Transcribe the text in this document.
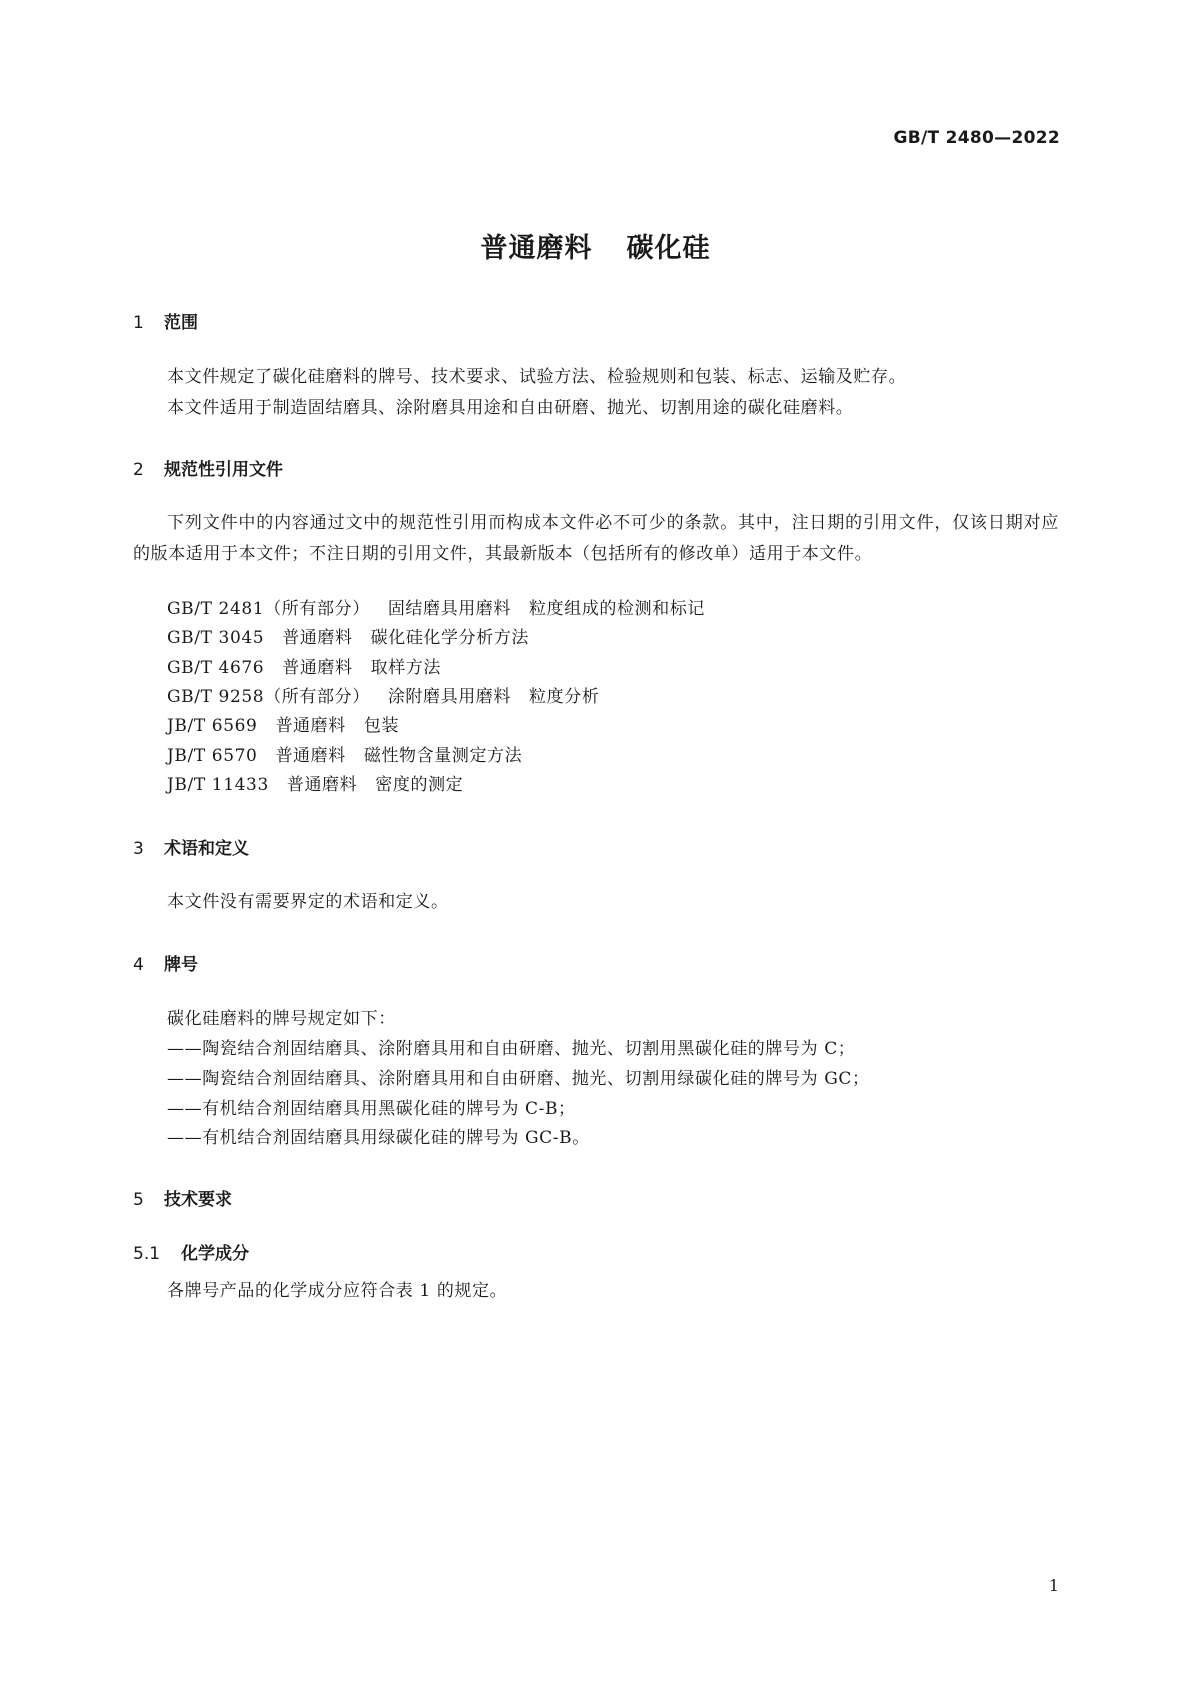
GB/T 2480—2022
普通磨料 碳化硅
1 范围
本文件规定了碳化硅磨料的牌号、技术要求、试验方法、检验规则和包装、标志、运输及贮存。
本文件适用于制造固结磨具、涂附磨具用途和自由研磨、抛光、切割用途的碳化硅磨料。
2 规范性引用文件
下列文件中的内容通过文中的规范性引用而构成本文件必不可少的条款。其中，注日期的引用文件，仅该日期对应的版本适用于本文件；不注日期的引用文件，其最新版本（包括所有的修改单）适用于本文件。
GB/T 2481（所有部分） 固结磨具用磨料 粒度组成的检测和标记
GB/T 3045 普通磨料 碳化硅化学分析方法
GB/T 4676 普通磨料 取样方法
GB/T 9258（所有部分） 涂附磨具用磨料 粒度分析
JB/T 6569 普通磨料 包装
JB/T 6570 普通磨料 磁性物含量测定方法
JB/T 11433 普通磨料 密度的测定
3 术语和定义
本文件没有需要界定的术语和定义。
4 牌号
碳化硅磨料的牌号规定如下：
——陶瓷结合剂固结磨具、涂附磨具用和自由研磨、抛光、切割用黑碳化硅的牌号为 C；
——陶瓷结合剂固结磨具、涂附磨具用和自由研磨、抛光、切割用绿碳化硅的牌号为 GC；
——有机结合剂固结磨具用黑碳化硅的牌号为 C-B；
——有机结合剂固结磨具用绿碳化硅的牌号为 GC-B。
5 技术要求
5.1 化学成分
各牌号产品的化学成分应符合表 1 的规定。
1
